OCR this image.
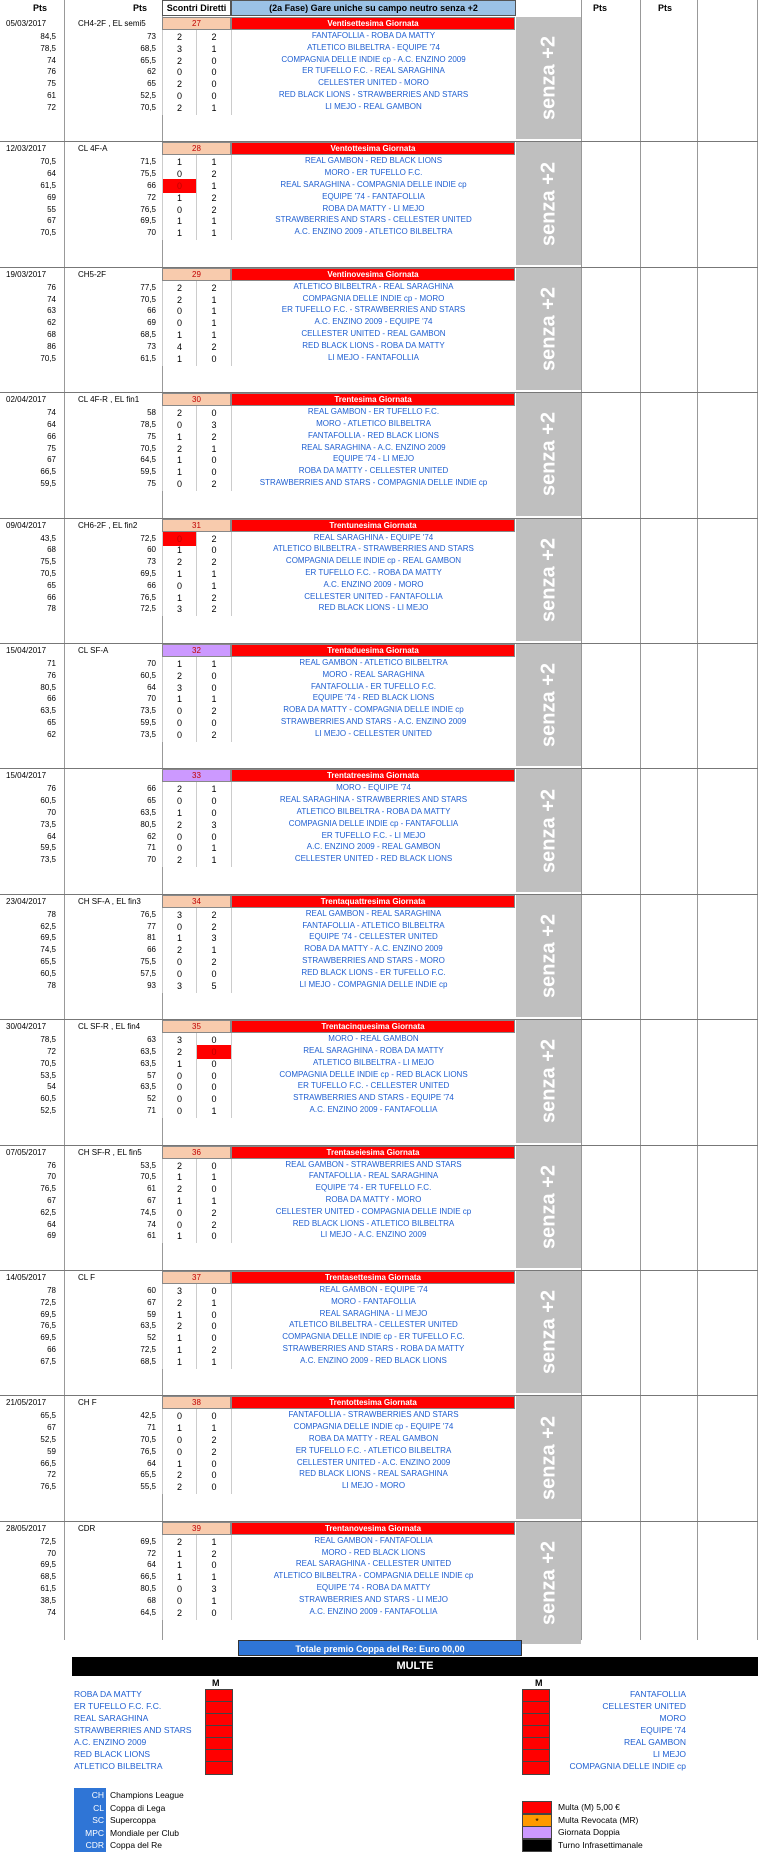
Pts	Pts	Scontri Diretti	(2a Fase) Gare uniche su campo neutro senza +2	Pts	Pts
05/03/2017	CH4-2F , EL semi5	27	Ventisettesima Giornata
senza +2
84,5	73	2	2	FANTAFOLLIA - ROBA DA MATTY
78,5	68,5	3	1	ATLETICO BILBELTRA - EQUIPE '74
74	65,5	2	0	COMPAGNIA DELLE INDIE cp - A.C. ENZINO 2009
76	62	0	0	ER TUFELLO F.C. - REAL SARAGHINA
75	65	2	0	CELLESTER UNITED - MORO
61	52,5	0	0	RED BLACK LIONS - STRAWBERRIES AND STARS
72	70,5	2	1	LI MEJO - REAL GAMBON
12/03/2017	CL 4F-A	28	Ventottesima Giornata
senza +2
70,5	71,5	1	1	REAL GAMBON - RED BLACK LIONS
64	75,5	0	2	MORO - ER TUFELLO F.C.
61,5	66	0	1	REAL SARAGHINA - COMPAGNIA DELLE INDIE cp
69	72	1	2	EQUIPE '74 - FANTAFOLLIA
55	76,5	0	2	ROBA DA MATTY - LI MEJO
67	69,5	1	1	STRAWBERRIES AND STARS - CELLESTER UNITED
70,5	70	1	1	A.C. ENZINO 2009 - ATLETICO BILBELTRA
19/03/2017	CH5-2F	29	Ventinovesima Giornata
senza +2
76	77,5	2	2	ATLETICO BILBELTRA - REAL SARAGHINA
74	70,5	2	1	COMPAGNIA DELLE INDIE cp - MORO
63	66	0	1	ER TUFELLO F.C. - STRAWBERRIES AND STARS
62	69	0	1	A.C. ENZINO 2009 - EQUIPE '74
68	68,5	1	1	CELLESTER UNITED - REAL GAMBON
86	73	4	2	RED BLACK LIONS - ROBA DA MATTY
70,5	61,5	1	0	LI MEJO - FANTAFOLLIA
02/04/2017	CL 4F-R , EL fin1	30	Trentesima Giornata
senza +2
74	58	2	0	REAL GAMBON - ER TUFELLO F.C.
64	78,5	0	3	MORO - ATLETICO BILBELTRA
66	75	1	2	FANTAFOLLIA - RED BLACK LIONS
75	70,5	2	1	REAL SARAGHINA - A.C. ENZINO 2009
67	64,5	1	0	EQUIPE '74 - LI MEJO
66,5	59,5	1	0	ROBA DA MATTY - CELLESTER UNITED
59,5	75	0	2	STRAWBERRIES AND STARS - COMPAGNIA DELLE INDIE cp
09/04/2017	CH6-2F , EL fin2	31	Trentunesima Giornata
senza +2
43,5	72,5	0	2	REAL SARAGHINA - EQUIPE '74
68	60	1	0	ATLETICO BILBELTRA - STRAWBERRIES AND STARS
75,5	73	2	2	COMPAGNIA DELLE INDIE cp - REAL GAMBON
70,5	69,5	1	1	ER TUFELLO F.C. - ROBA DA MATTY
65	66	0	1	A.C. ENZINO 2009 - MORO
66	76,5	1	2	CELLESTER UNITED - FANTAFOLLIA
78	72,5	3	2	RED BLACK LIONS - LI MEJO
15/04/2017	CL SF-A	32	Trentaduesima Giornata
senza +2
71	70	1	1	REAL GAMBON - ATLETICO BILBELTRA
76	60,5	2	0	MORO - REAL SARAGHINA
80,5	64	3	0	FANTAFOLLIA - ER TUFELLO F.C.
66	70	1	1	EQUIPE '74 - RED BLACK LIONS
63,5	73,5	0	2	ROBA DA MATTY - COMPAGNIA DELLE INDIE cp
65	59,5	0	0	STRAWBERRIES AND STARS - A.C. ENZINO 2009
62	73,5	0	2	LI MEJO - CELLESTER UNITED
15/04/2017	33	Trentatreesima Giornata
senza +2
76	66	2	1	MORO - EQUIPE '74
60,5	65	0	0	REAL SARAGHINA - STRAWBERRIES AND STARS
70	63,5	1	0	ATLETICO BILBELTRA - ROBA DA MATTY
73,5	80,5	2	3	COMPAGNIA DELLE INDIE cp - FANTAFOLLIA
64	62	0	0	ER TUFELLO F.C. - LI MEJO
59,5	71	0	1	A.C. ENZINO 2009 - REAL GAMBON
73,5	70	2	1	CELLESTER UNITED - RED BLACK LIONS
23/04/2017	CH SF-A , EL fin3	34	Trentaquattresima Giornata
senza +2
78	76,5	3	2	REAL GAMBON - REAL SARAGHINA
62,5	77	0	2	FANTAFOLLIA - ATLETICO BILBELTRA
69,5	81	1	3	EQUIPE '74 - CELLESTER UNITED
74,5	66	2	1	ROBA DA MATTY - A.C. ENZINO 2009
65,5	75,5	0	2	STRAWBERRIES AND STARS - MORO
60,5	57,5	0	0	RED BLACK LIONS - ER TUFELLO F.C.
78	93	3	5	LI MEJO - COMPAGNIA DELLE INDIE cp
30/04/2017	CL SF-R , EL fin4	35	Trentacinquesima Giornata
senza +2
78,5	63	3	0	MORO - REAL GAMBON
72	63,5	2	0	REAL SARAGHINA - ROBA DA MATTY
70,5	63,5	1	0	ATLETICO BILBELTRA - LI MEJO
53,5	57	0	0	COMPAGNIA DELLE INDIE cp - RED BLACK LIONS
54	63,5	0	0	ER TUFELLO F.C. - CELLESTER UNITED
60,5	52	0	0	STRAWBERRIES AND STARS - EQUIPE '74
52,5	71	0	1	A.C. ENZINO 2009 - FANTAFOLLIA
07/05/2017	CH SF-R , EL fin5	36	Trentaseiesima Giornata
senza +2
76	53,5	2	0	REAL GAMBON - STRAWBERRIES AND STARS
70	70,5	1	1	FANTAFOLLIA - REAL SARAGHINA
76,5	61	2	0	EQUIPE '74 - ER TUFELLO F.C.
67	67	1	1	ROBA DA MATTY - MORO
62,5	74,5	0	2	CELLESTER UNITED - COMPAGNIA DELLE INDIE cp
64	74	0	2	RED BLACK LIONS - ATLETICO BILBELTRA
69	61	1	0	LI MEJO - A.C. ENZINO 2009
14/05/2017	CL F	37	Trentasettesima Giornata
senza +2
78	60	3	0	REAL GAMBON - EQUIPE '74
72,5	67	2	1	MORO - FANTAFOLLIA
69,5	59	1	0	REAL SARAGHINA - LI MEJO
76,5	63,5	2	0	ATLETICO BILBELTRA - CELLESTER UNITED
69,5	52	1	0	COMPAGNIA DELLE INDIE cp - ER TUFELLO F.C.
66	72,5	1	2	STRAWBERRIES AND STARS - ROBA DA MATTY
67,5	68,5	1	1	A.C. ENZINO 2009 - RED BLACK LIONS
21/05/2017	CH F	38	Trentottesima Giornata
senza +2
65,5	42,5	0	0	FANTAFOLLIA - STRAWBERRIES AND STARS
67	71	1	1	COMPAGNIA DELLE INDIE cp - EQUIPE '74
52,5	70,5	0	2	ROBA DA MATTY - REAL GAMBON
59	76,5	0	2	ER TUFELLO F.C. - ATLETICO BILBELTRA
66,5	64	1	0	CELLESTER UNITED - A.C. ENZINO 2009
72	65,5	2	0	RED BLACK LIONS - REAL SARAGHINA
76,5	55,5	2	0	LI MEJO - MORO
28/05/2017	CDR	39	Trentanovesima Giornata
senza +2
72,5	69,5	2	1	REAL GAMBON - FANTAFOLLIA
70	72	1	2	MORO - RED BLACK LIONS
69,5	64	1	0	REAL SARAGHINA - CELLESTER UNITED
68,5	66,5	1	1	ATLETICO BILBELTRA - COMPAGNIA DELLE INDIE cp
61,5	80,5	0	3	EQUIPE '74 - ROBA DA MATTY
38,5	68	0	1	STRAWBERRIES AND STARS - LI MEJO
74	64,5	2	0	A.C. ENZINO 2009 - FANTAFOLLIA
Totale premio Coppa del Re: Euro 00,00
MULTE
M	M
ROBA DA MATTY
ER TUFELLO F.C. F.C.
REAL SARAGHINA
STRAWBERRIES AND STARS
A.C. ENZINO 2009
RED BLACK LIONS
ATLETICO BILBELTRA
FANTAFOLLIA
CELLESTER UNITED
MORO
EQUIPE '74
REAL GAMBON
LI MEJO
COMPAGNIA DELLE INDIE cp
CH Champions League
CL Coppa di Lega
SC Supercoppa
MPC Mondiale per Club
CDR Coppa del Re
Multa (M) 5,00 €
*	Multa Revocata (MR)
Giornata Doppia
Turno Infrasettimanale
